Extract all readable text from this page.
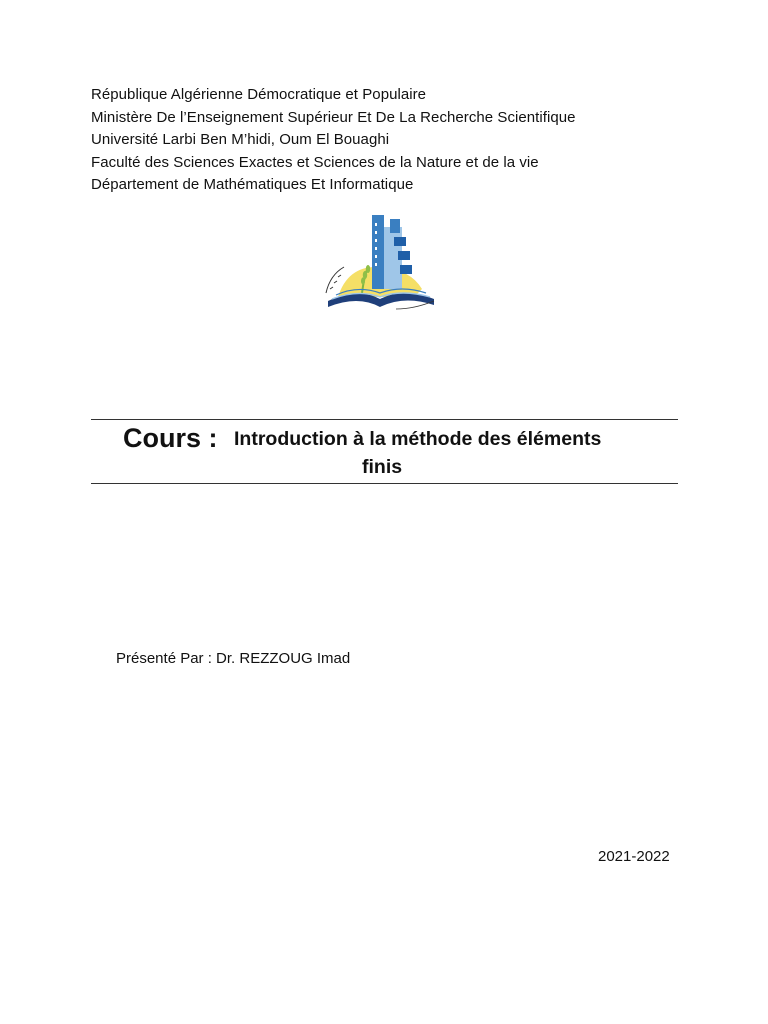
République Algérienne Démocratique et Populaire
Ministère De l’Enseignement Supérieur Et De La Recherche Scientifique
Université Larbi Ben M’hidi, Oum El Bouaghi
Faculté des Sciences Exactes et Sciences de la Nature et de la vie
Département de Mathématiques Et Informatique
Cours : Introduction à la méthode des éléments
finis
Présenté Par : Dr. REZZOUG Imad
2021-2022
